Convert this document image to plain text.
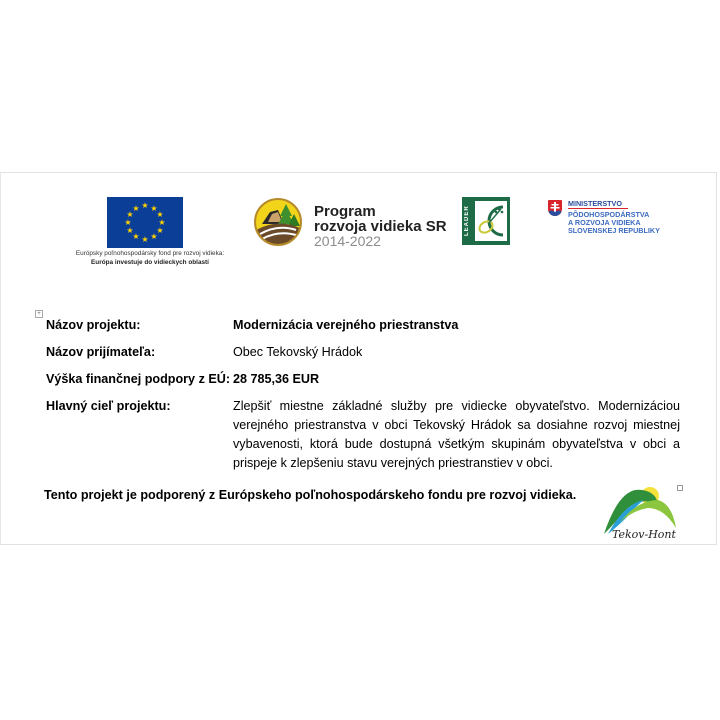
★ ★
★
★
★
★
★
★
★
★
★
★
Európsky poľnohospodársky fond pre rozvoj vidieka:
Európa investuje do vidieckych oblastí
Program
rozvoja vidieka SR
2014-2022
LEADER
MINISTERSTVO
PÔDOHOSPODÁRSTVA
A ROZVOJA VIDIEKA
SLOVENSKEJ REPUBLIKY
+
Názov projektu:	Modernizácia verejného priestranstva
Názov prijímateľa:	Obec Tekovský Hrádok
Výška finančnej podpory z EÚ: 28 785,36 EUR
Hlavný cieľ projektu:	Zlepšiť miestne základné služby pre vidiecke obyvateľstvo. Modernizáciou verejného priestranstva v obci Tekovský Hrádok sa dosiahne rozvoj miestnej vybavenosti, ktorá bude dostupná všetkým skupinám obyvateľstva v obci a prispeje k zlepšeniu stavu verejných priestranstiev v obci.
Tento projekt je podporený z Európskeho poľnohospodárskeho fondu pre rozvoj vidieka.
Tekov-Hont
